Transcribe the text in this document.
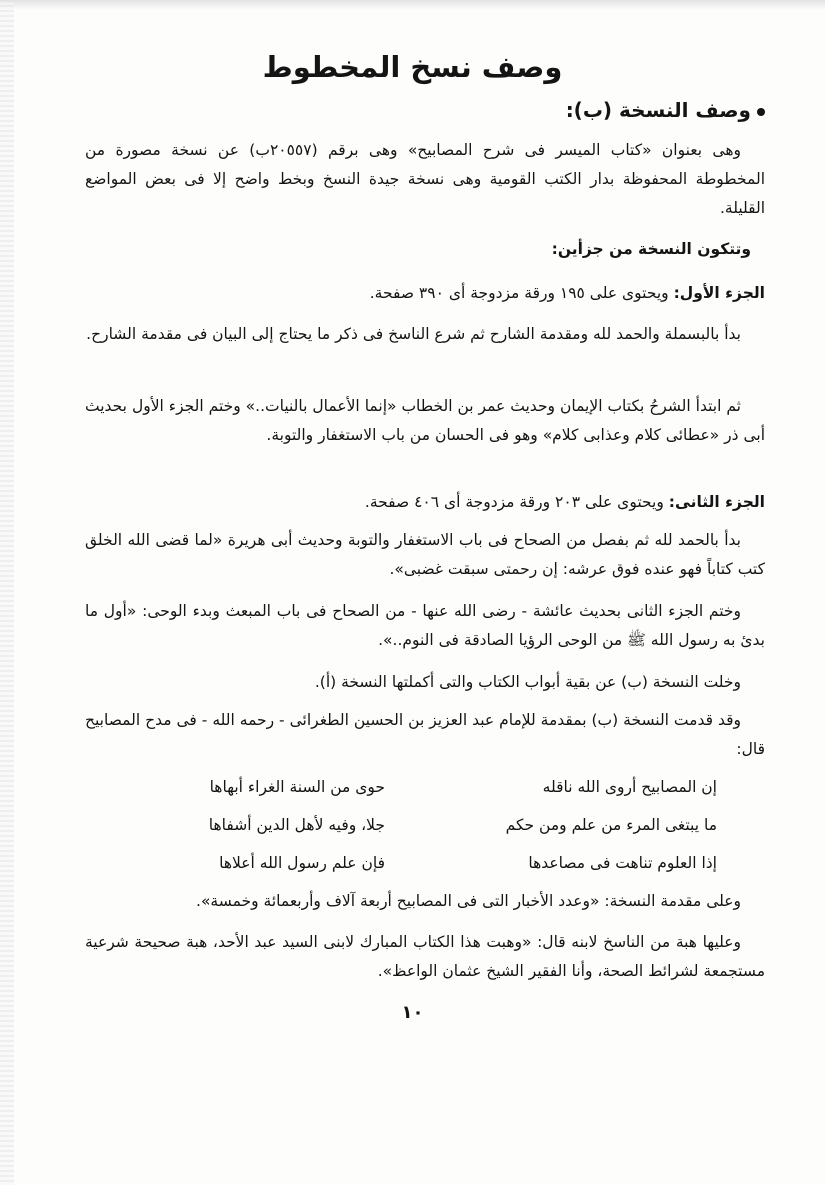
وصف نسخ المخطوط
وصف النسخة (ب):

وهى بعنوان «كتاب الميسر فى شرح المصابيح» وهى برقم (٢٠٥٥٧ب) عن نسخة مصورة من المخطوطة المحفوظة بدار الكتب القومية وهى نسخة جيدة النسخ وبخط واضح إلا فى بعض المواضع القليلة.

وتتكون النسخة من جزأين:

الجزء الأول: ويحتوى على ١٩٥ ورقة مزدوجة أى ٣٩٠ صفحة.

بدأ بالبسملة والحمد لله ومقدمة الشارح ثم شرع الناسخ فى ذكر ما يحتاج إلى البيان فى مقدمة الشارح.

ثم ابتدأ الشرحُ بكتاب الإيمان وحديث عمر بن الخطاب «إنما الأعمال بالنيات..» وختم الجزء الأول بحديث أبى ذر «عطائى كلام وعذابى كلام» وهو فى الحسان من باب الاستغفار والتوبة.

الجزء الثانى: ويحتوى على ٢٠٣ ورقة مزدوجة أى ٤٠٦ صفحة.

بدأ بالحمد لله ثم بفصل من الصحاح فى باب الاستغفار والتوبة وحديث أبى هريرة «لما قضى الله الخلق كتب كتاباً فهو عنده فوق عرشه: إن رحمتى سبقت غضبى».

وختم الجزء الثانى بحديث عائشة - رضى الله عنها - من الصحاح فى باب المبعث وبدء الوحى: «أول ما بدئ به رسول الله ﷺ من الوحى الرؤيا الصادقة فى النوم..».

وخلت النسخة (ب) عن بقية أبواب الكتاب والتى أكملتها النسخة (أ).

وقد قدمت النسخة (ب) بمقدمة للإمام عبد العزيز بن الحسين الطغرائى - رحمه الله - فى مدح المصابيح قال:

إن المصابيح أروى الله ناقله
حوى من السنة الغراء أبهاها
ما يبتغى المرء من علم ومن حكم
جلا، وفيه لأهل الدين أشفاها
إذا العلوم تناهت فى مصاعدها
فإن علم رسول الله أعلاها

وعلى مقدمة النسخة: «وعدد الأخبار التى فى المصابيح أربعة آلاف وأربعمائة وخمسة».

وعليها هبة من الناسخ لابنه قال: «وهبت هذا الكتاب المبارك لابنى السيد عبد الأحد، هبة صحيحة شرعية مستجمعة لشرائط الصحة، وأنا الفقير الشيخ عثمان الواعظ».

١٠
